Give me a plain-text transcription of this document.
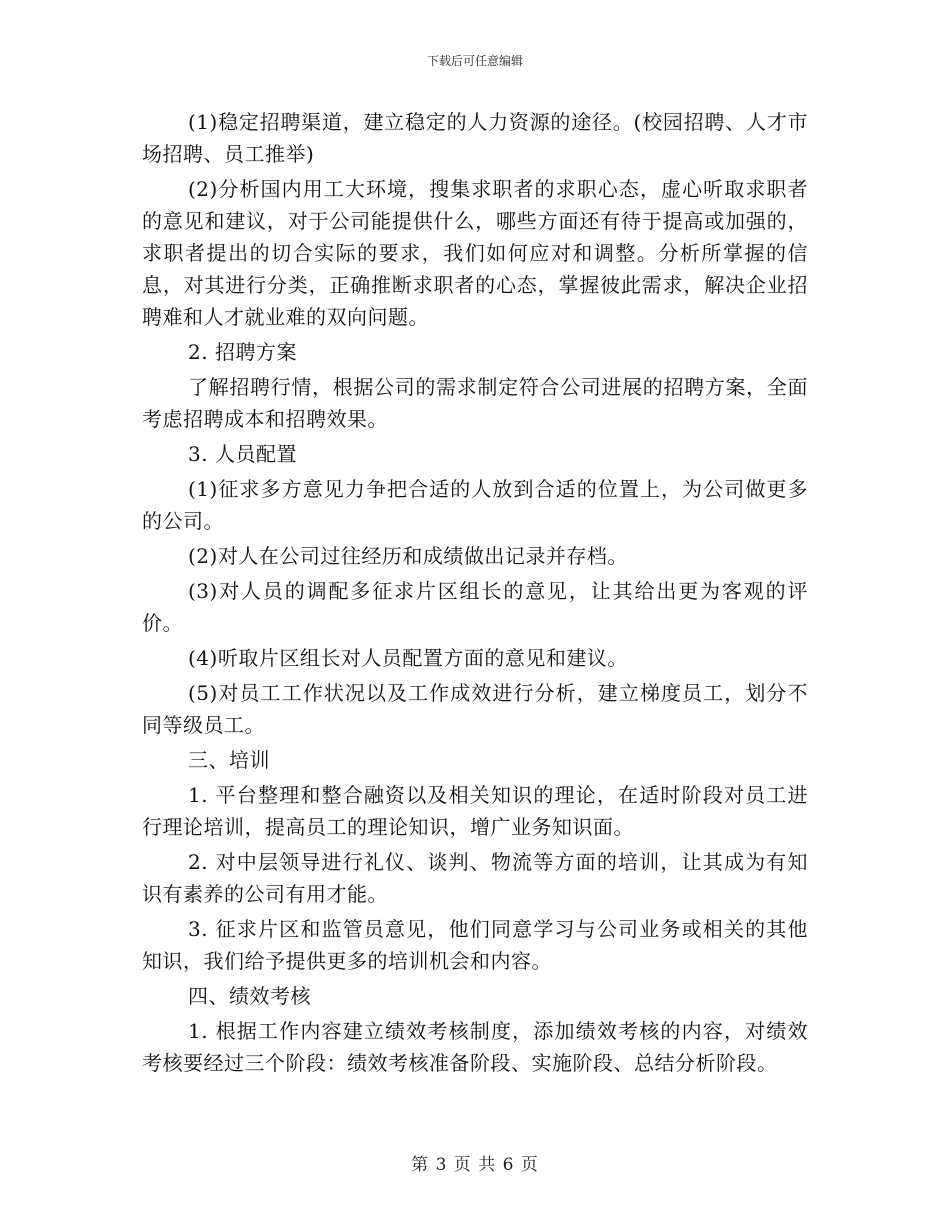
下载后可任意编辑

(1)稳定招聘渠道，建立稳定的人力资源的途径。(校园招聘、人才市场招聘、员工推举)

(2)分析国内用工大环境，搜集求职者的求职心态，虚心听取求职者的意见和建议，对于公司能提供什么，哪些方面还有待于提高或加强的，求职者提出的切合实际的要求，我们如何应对和调整。分析所掌握的信息，对其进行分类，正确推断求职者的心态，掌握彼此需求，解决企业招聘难和人才就业难的双向问题。

2. 招聘方案

了解招聘行情，根据公司的需求制定符合公司进展的招聘方案，全面考虑招聘成本和招聘效果。

3. 人员配置

(1)征求多方意见力争把合适的人放到合适的位置上，为公司做更多的公司。

(2)对人在公司过往经历和成绩做出记录并存档。

(3)对人员的调配多征求片区组长的意见，让其给出更为客观的评价。

(4)听取片区组长对人员配置方面的意见和建议。

(5)对员工工作状况以及工作成效进行分析，建立梯度员工，划分不同等级员工。

三、培训

1. 平台整理和整合融资以及相关知识的理论，在适时阶段对员工进行理论培训，提高员工的理论知识，增广业务知识面。

2. 对中层领导进行礼仪、谈判、物流等方面的培训，让其成为有知识有素养的公司有用才能。

3. 征求片区和监管员意见，他们同意学习与公司业务或相关的其他知识，我们给予提供更多的培训机会和内容。

四、绩效考核

1. 根据工作内容建立绩效考核制度，添加绩效考核的内容，对绩效考核要经过三个阶段：绩效考核准备阶段、实施阶段、总结分析阶段。

第 3 页 共 6 页
